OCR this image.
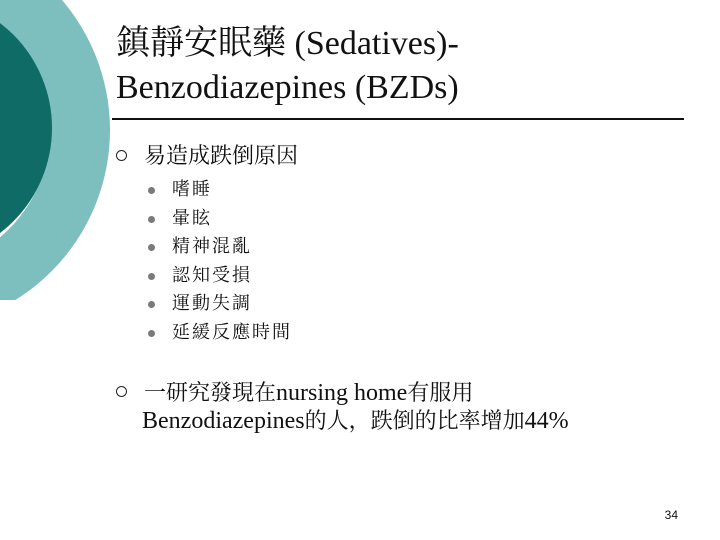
鎮靜安眠藥 (Sedatives)-
Benzodiazepines (BZDs)
易造成跌倒原因
嗜睡
暈眩
精神混亂
認知受損
運動失調
延緩反應時間
一研究發現在nursing home有服用
Benzodiazepines的人，跌倒的比率增加44%
34
